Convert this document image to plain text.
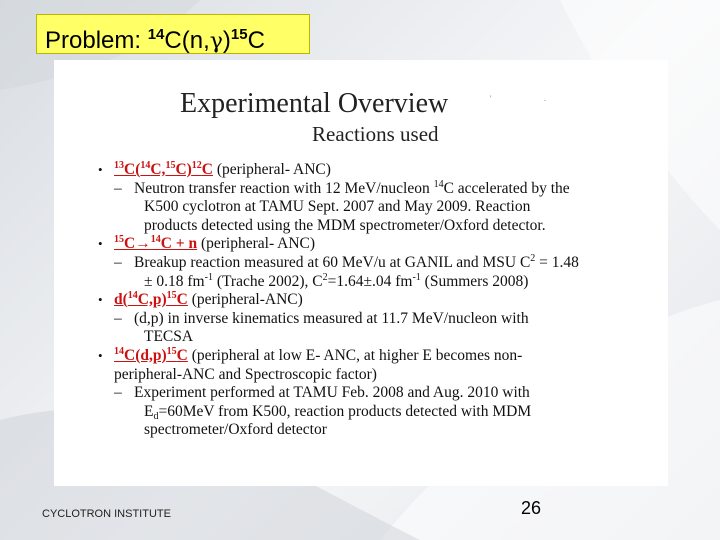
Problem: $^{14}C(n,\gamma)^{15}C$
'	.
Experimental Overview
Reactions used
• $^{13}C(^{14}C,^{15}C)^{12}C$ (peripheral- ANC)
– Neutron transfer reaction with 12 MeV/nucleon $^{14}$C accelerated by the
K500 cyclotron at TAMU Sept. 2007 and May 2009. Reaction
products detected using the MDM spectrometer/Oxford detector.
• $^{15}$C→$^{14}$C + n (peripheral- ANC)
– Breakup reaction measured at 60 MeV/u at GANIL and MSU $C^2 = 1.48$
± 0.18 $fm^{-1}$ (Trache 2002), $C^2=1.64\pm.04$ $fm^{-1}$ (Summers 2008)
• $d(^{14}C,p)^{15}C$ (peripheral-ANC)
– (d,p) in inverse kinematics measured at 11.7 MeV/nucleon with
TECSA
• $^{14}C(d,p)^{15}C$ (peripheral at low E- ANC, at higher E becomes non-
peripheral-ANC and Spectroscopic factor)
– Experiment performed at TAMU Feb. 2008 and Aug. 2010 with
$E_d=60MeV$ from K500, reaction products detected with MDM
spectrometer/Oxford detector
CYCLOTRON INSTITUTE	26
